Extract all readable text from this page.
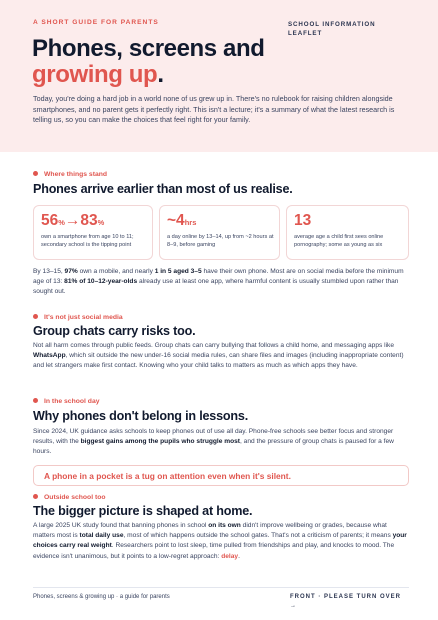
A SHORT GUIDE FOR PARENTS	SCHOOL INFORMATION LEAFLET
Phones, screens and
growing up.
Today, you're doing a hard job in a world none of us grew up in. There's no rulebook for raising children alongside smartphones, and no parent gets it perfectly right. This isn't a lecture; it's a summary of what the latest research is telling us, so you can make the choices that feel right for your family.
Where things stand
Phones arrive earlier than most of us realise.
56%→83%
own a smartphone from age 10 to 11; secondary school is the tipping point
~4hrs
a day online by 13–14, up from ~2 hours at 8–9, before gaming
13
average age a child first sees online pornography; some as young as six
By 13–15, 97% own a mobile, and nearly 1 in 5 aged 3–5 have their own phone. Most are on social media before the minimum age of 13: 81% of 10–12-year-olds already use at least one app, where harmful content is usually stumbled upon rather than sought out.
It's not just social media
Group chats carry risks too.
Not all harm comes through public feeds. Group chats can carry bullying that follows a child home, and messaging apps like WhatsApp, which sit outside the new under-16 social media rules, can share files and images (including inappropriate content) and let strangers make first contact. Knowing who your child talks to matters as much as which apps they have.
In the school day
Why phones don't belong in lessons.
Since 2024, UK guidance asks schools to keep phones out of use all day. Phone-free schools see better focus and stronger results, with the biggest gains among the pupils who struggle most, and the pressure of group chats is paused for a few hours.
A phone in a pocket is a tug on attention even when it's silent.
Outside school too
The bigger picture is shaped at home.
A large 2025 UK study found that banning phones in school on its own didn't improve wellbeing or grades, because what matters most is total daily use, most of which happens outside the school gates. That's not a criticism of parents; it means your choices carry real weight. Researchers point to lost sleep, time pulled from friendships and play, and knocks to mood. The evidence isn't unanimous, but it points to a low-regret approach: delay.
Phones, screens & growing up · a guide for parents	FRONT · PLEASE TURN OVER →
